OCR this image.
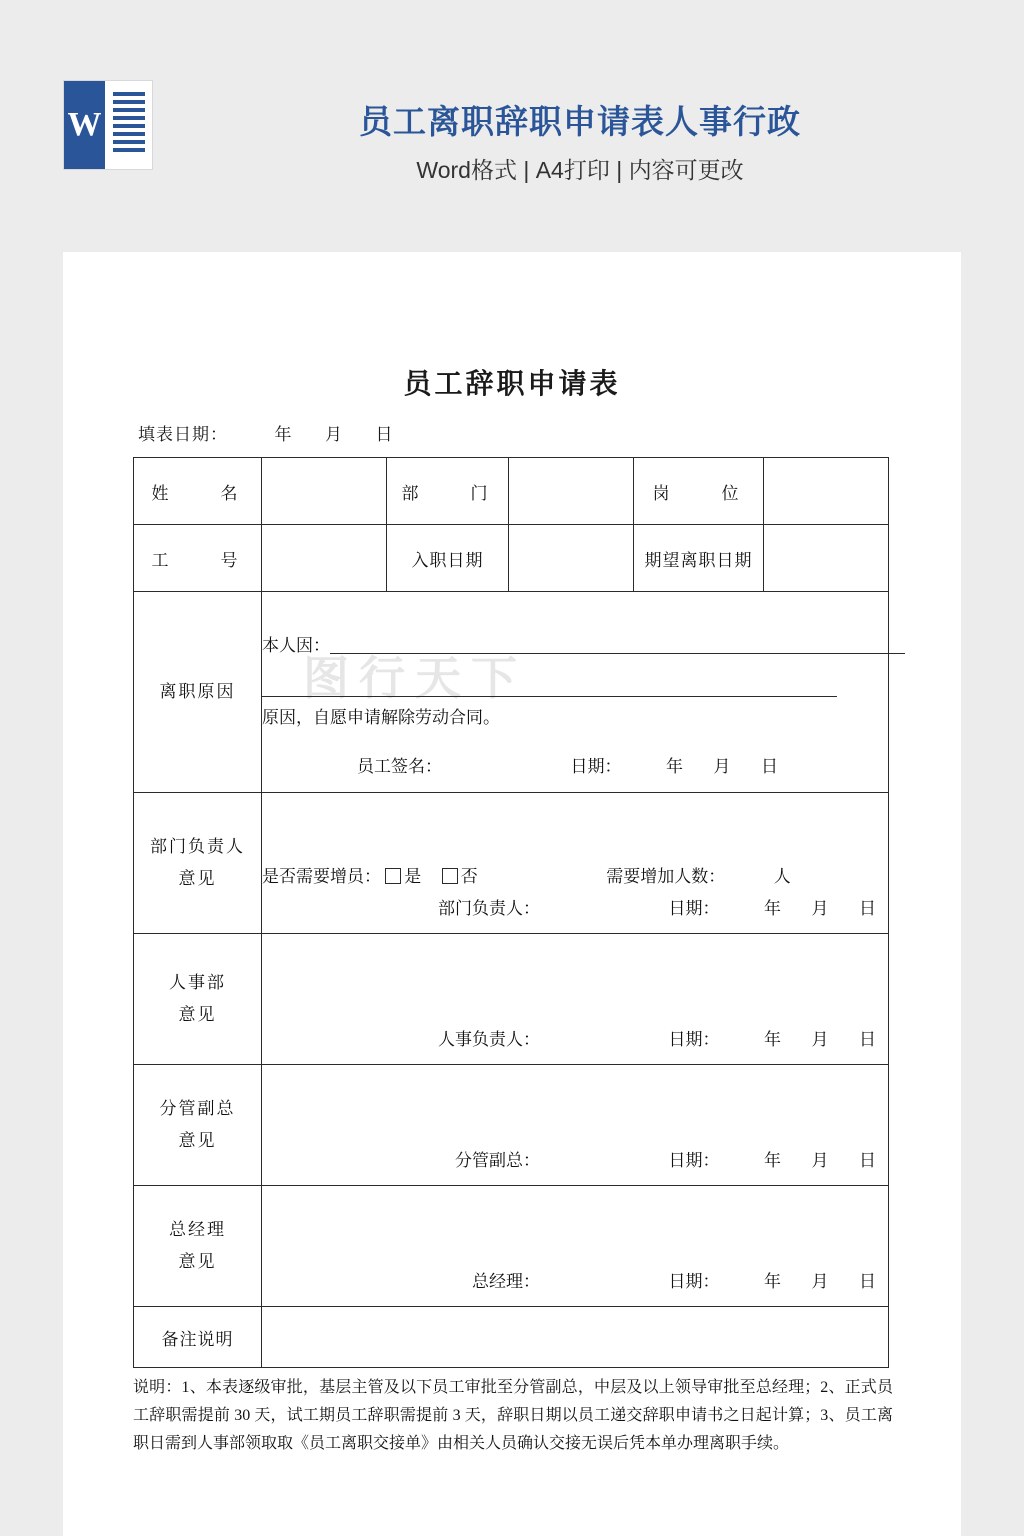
W	员工离职辞职申请表人事行政
Word格式 | A4打印 | 内容可更改
图行天下
员工辞职申请表
填表日期：	年 月 日
姓　　名		部　　门		岗　　位	
工　　号		入职日期		期望离职日期	
离职原因	本人因：
原因，自愿申请解除劳动合同。
员工签名： 日期： 年 月 日				

部门负责人
意见	是否需要增员： 是 否	需要增加人数：	人
部门负责人：	日期：	年 月 日

人事部
意见	人事负责人： 日期： 年 月 日				

分管副总
意见	分管副总： 日期： 年 月 日				

总经理
意见	总经理： 日期： 年 月 日				

备注说明					
说明：1、本表逐级审批，基层主管及以下员工审批至分管副总，中层及以上领导审批至总经理；2、正式员工辞职需提前 30 天，试工期员工辞职需提前 3 天，辞职日期以员工递交辞职申请书之日起计算；3、员工离职日需到人事部领取取《员工离职交接单》由相关人员确认交接无误后凭本单办理离职手续。
